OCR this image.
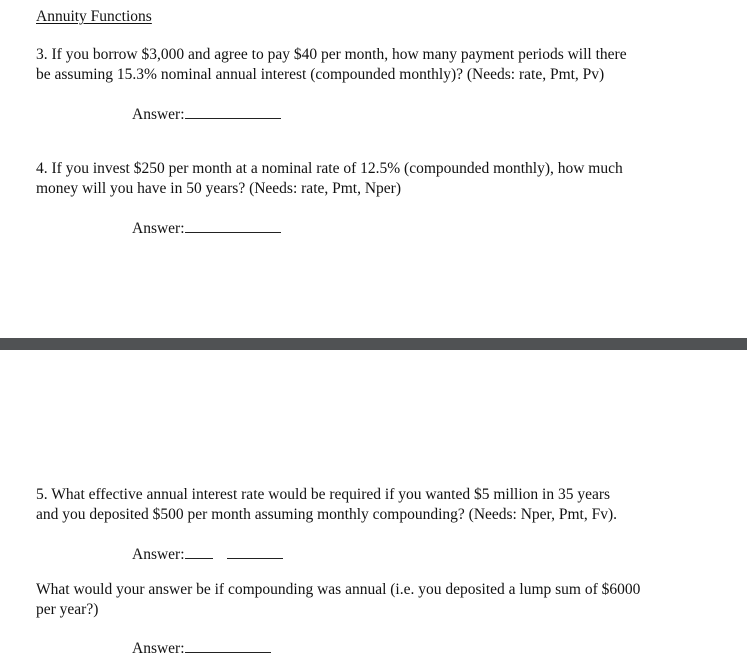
Annuity Functions
3. If you borrow $3,000 and agree to pay $40 per month, how many payment periods will there
be assuming 15.3% nominal annual interest (compounded monthly)? (Needs: rate, Pmt, Pv)
Answer:
4. If you invest $250 per month at a nominal rate of 12.5% (compounded monthly), how much
money will you have in 50 years? (Needs: rate, Pmt, Nper)
Answer:
5. What effective annual interest rate would be required if you wanted $5 million in 35 years
and you deposited $500 per month assuming monthly compounding? (Needs: Nper, Pmt, Fv).
Answer:
What would your answer be if compounding was annual (i.e. you deposited a lump sum of $6000
per year?)
Answer:
